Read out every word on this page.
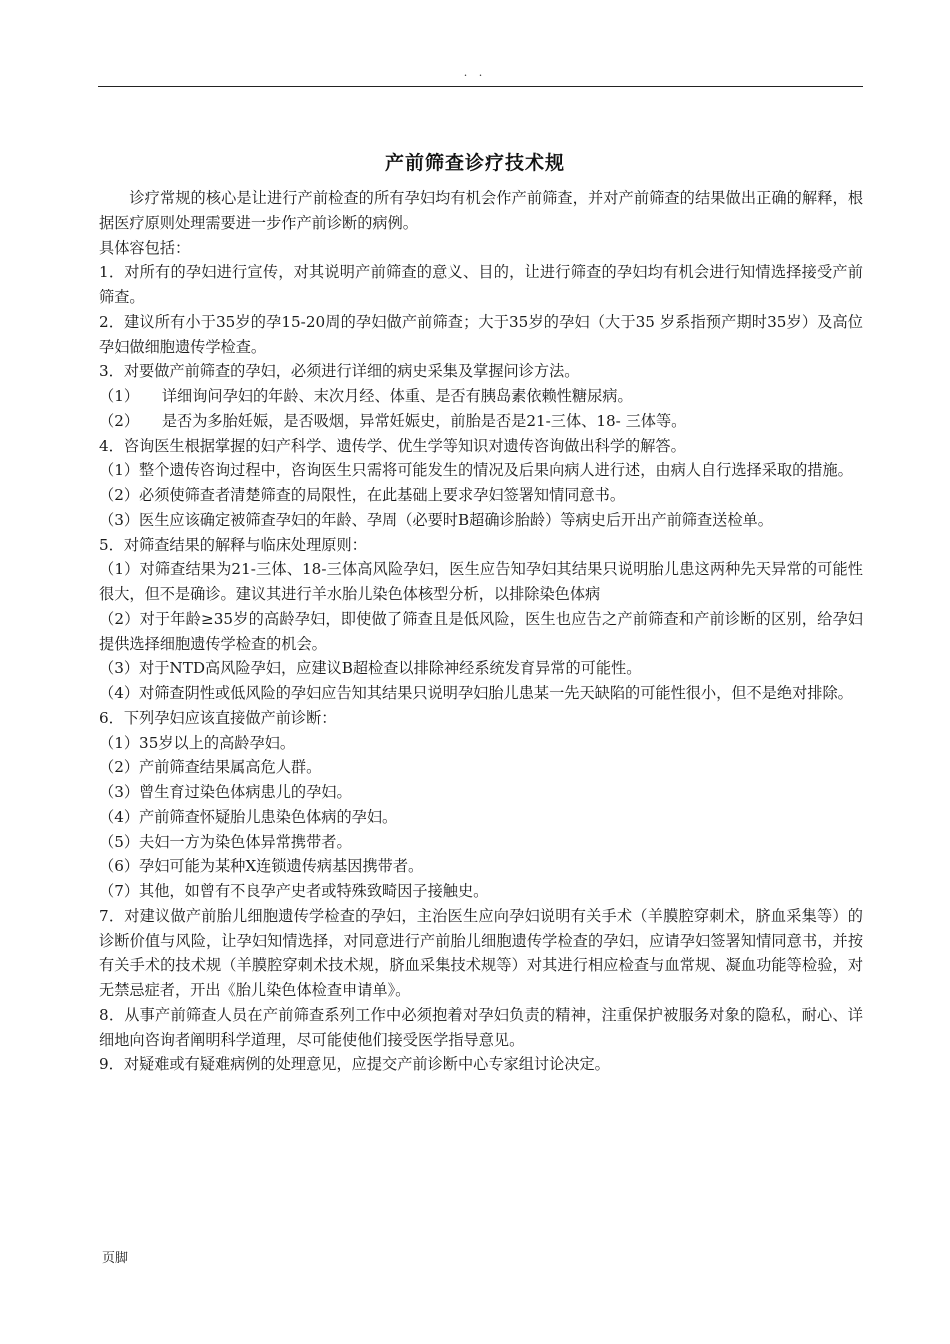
. .
产前筛查诊疗技术规

诊疗常规的核心是让进行产前检查的所有孕妇均有机会作产前筛查，并对产前筛查的结果做出正确的解释，根据医疗原则处理需要进一步作产前诊断的病例。

具体容包括：

1．对所有的孕妇进行宣传，对其说明产前筛查的意义、目的，让进行筛查的孕妇均有机会进行知情选择接受产前筛查。

2．建议所有小于35岁的孕15-20周的孕妇做产前筛查；大于35岁的孕妇（大于35 岁系指预产期时35岁）及高位孕妇做细胞遗传学检查。

3．对要做产前筛查的孕妇，必须进行详细的病史采集及掌握问诊方法。

（1）　　详细询问孕妇的年龄、末次月经、体重、是否有胰岛素依赖性糖尿病。

（2）　　是否为多胎妊娠，是否吸烟，异常妊娠史，前胎是否是21-三体、18- 三体等。

4．咨询医生根据掌握的妇产科学、遗传学、优生学等知识对遗传咨询做出科学的解答。

（1）整个遗传咨询过程中，咨询医生只需将可能发生的情况及后果向病人进行述，由病人自行选择采取的措施。

（2）必须使筛查者清楚筛查的局限性，在此基础上要求孕妇签署知情同意书。

（3）医生应该确定被筛查孕妇的年龄、孕周（必要时B超确诊胎龄）等病史后开出产前筛查送检单。

5．对筛查结果的解释与临床处理原则：

（1）对筛查结果为21-三体、18-三体高风险孕妇，医生应告知孕妇其结果只说明胎儿患这两种先天异常的可能性很大，但不是确诊。建议其进行羊水胎儿染色体核型分析，以排除染色体病

（2）对于年龄≥35岁的高龄孕妇，即使做了筛查且是低风险，医生也应告之产前筛查和产前诊断的区别，给孕妇提供选择细胞遗传学检查的机会。

（3）对于NTD高风险孕妇，应建议B超检查以排除神经系统发育异常的可能性。

（4）对筛查阴性或低风险的孕妇应告知其结果只说明孕妇胎儿患某一先天缺陷的可能性很小，但不是绝对排除。

6．下列孕妇应该直接做产前诊断：

（1）35岁以上的高龄孕妇。

（2）产前筛查结果属高危人群。

（3）曾生育过染色体病患儿的孕妇。

（4）产前筛查怀疑胎儿患染色体病的孕妇。

（5）夫妇一方为染色体异常携带者。

（6）孕妇可能为某种X连锁遗传病基因携带者。

（7）其他，如曾有不良孕产史者或特殊致畸因子接触史。

7．对建议做产前胎儿细胞遗传学检查的孕妇，主治医生应向孕妇说明有关手术（羊膜腔穿刺术，脐血采集等）的诊断价值与风险，让孕妇知情选择，对同意进行产前胎儿细胞遗传学检查的孕妇，应请孕妇签署知情同意书，并按有关手术的技术规（羊膜腔穿刺术技术规，脐血采集技术规等）对其进行相应检查与血常规、凝血功能等检验，对无禁忌症者，开出《胎儿染色体检查申请单》。

8．从事产前筛查人员在产前筛查系列工作中必须抱着对孕妇负责的精神，注重保护被服务对象的隐私，耐心、详细地向咨询者阐明科学道理，尽可能使他们接受医学指导意见。

9．对疑难或有疑难病例的处理意见，应提交产前诊断中心专家组讨论决定。

页脚
